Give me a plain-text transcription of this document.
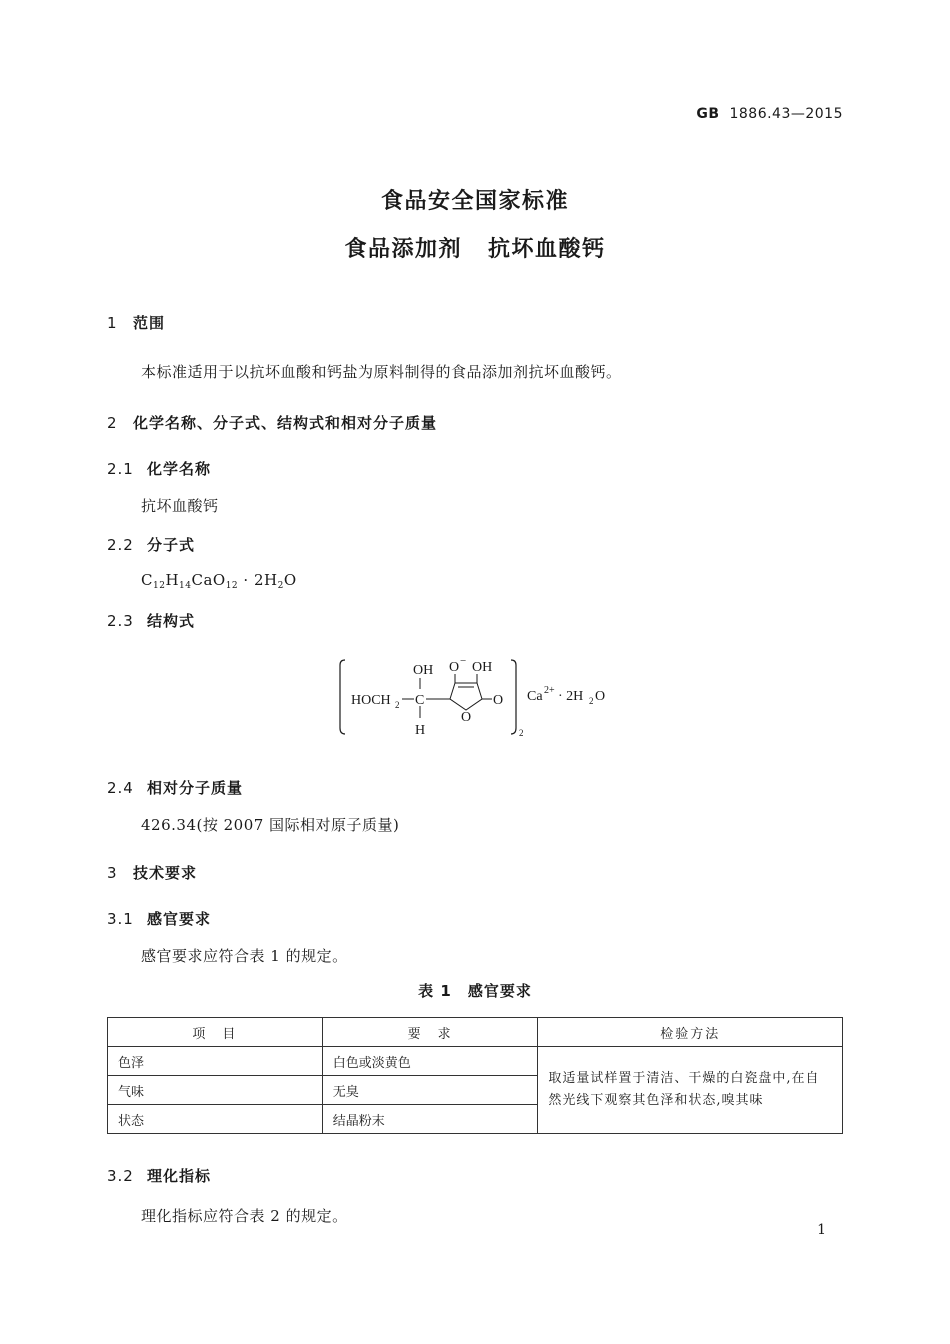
GB 1886.43—2015
食品安全国家标准
食品添加剂 抗坏血酸钙
1 范围
本标准适用于以抗坏血酸和钙盐为原料制得的食品添加剂抗坏血酸钙。
2 化学名称、分子式、结构式和相对分子质量
2.1 化学名称
抗坏血酸钙
2.2 分子式
$C_{12}H_{14}CaO_{12} \cdot 2H_2O$
2.3 结构式
OH O − OH
HOCH 2 C
H
O
O
2
Ca 2+ · 2H 2 O
2.4 相对分子质量
426.34(按 2007 国际相对原子质量)
3 技术要求
3.1 感官要求
感官要求应符合表 1 的规定。
表 1 感官要求
项　目	要　求	检验方法
色泽	白色或淡黄色	取适量试样置于清洁、干燥的白瓷盘中,在自然光线下观察其色泽和状态,嗅其味
气味	无臭	
状态	结晶粉末	
3.2 理化指标
理化指标应符合表 2 的规定。
1
